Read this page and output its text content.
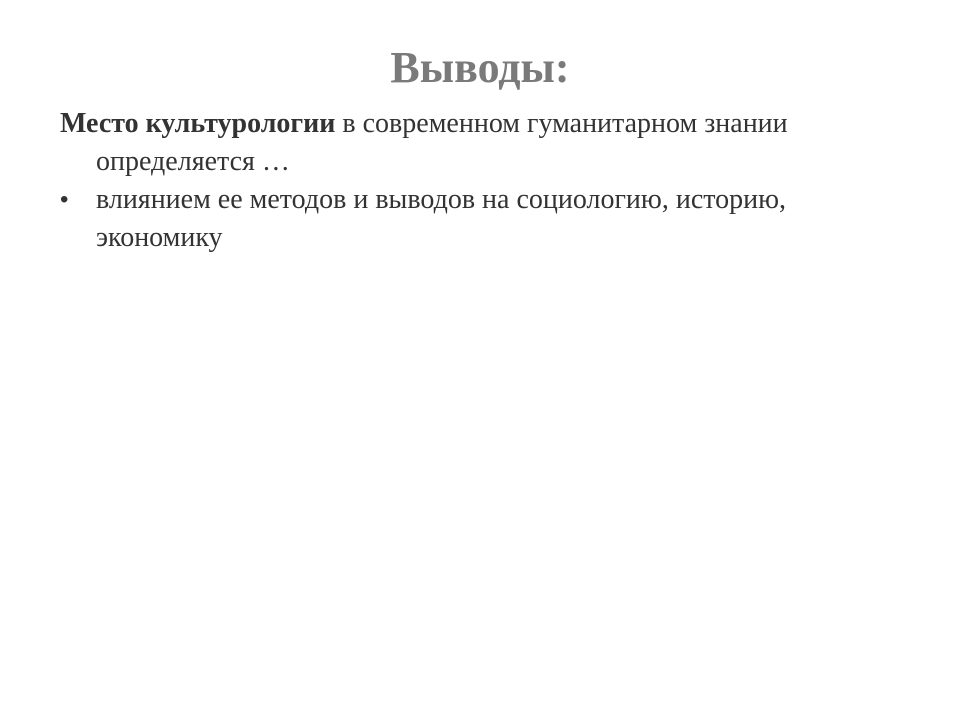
Выводы:

Место культурологии в современном гуманитарном знании определяется …

• влиянием ее методов и выводов на социологию, историю, экономику
